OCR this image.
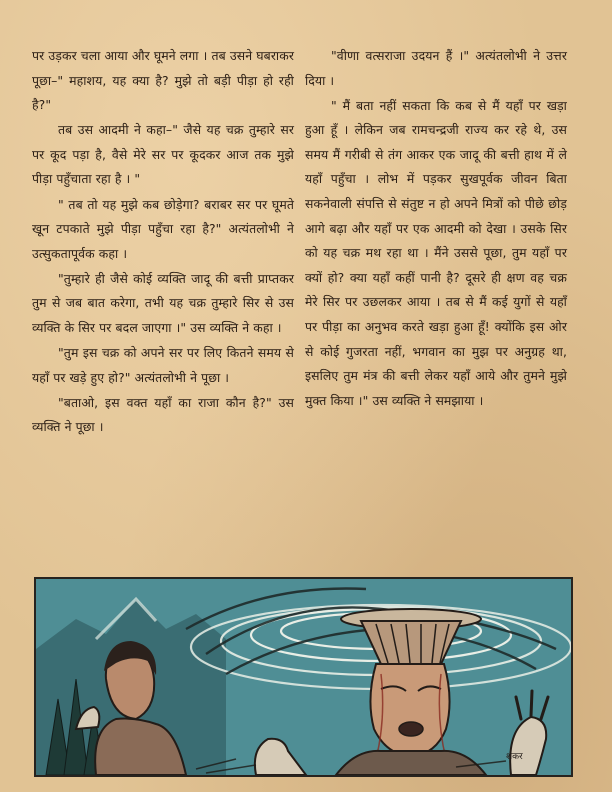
पर उड़कर चला आया और घूमने लगा । तब उसने घबराकर पूछा–" महाशय, यह क्या है? मुझे तो बड़ी पीड़ा हो रही है?"

तब उस आदमी ने कहा–" जैसे यह चक्र तुम्हारे सर पर कूद पड़ा है, वैसे मेरे सर पर कूदकर आज तक मुझे पीड़ा पहुँचाता रहा है । "

" तब तो यह मुझे कब छोड़ेगा? बराबर सर पर घूमते खून टपकाते मुझे पीड़ा पहुँचा रहा है?" अत्यंतलोभी ने उत्सुकतापूर्वक कहा ।

"तुम्हारे ही जैसे कोई व्यक्ति जादू की बत्ती प्राप्तकर तुम से जब बात करेगा, तभी यह चक्र तुम्हारे सिर से उस व्यक्ति के सिर पर बदल जाएगा ।" उस व्यक्ति ने कहा ।

"तुम इस चक्र को अपने सर पर लिए कितने समय से यहाँ पर खड़े हुए हो?" अत्यंतलोभी ने पूछा ।

"बताओ, इस वक्त यहाँ का राजा कौन है?" उस व्यक्ति ने पूछा ।

"वीणा वत्सराजा उदयन हैं ।" अत्यंतलोभी ने उत्तर दिया ।

" मैं बता नहीं सकता कि कब से मैं यहाँ पर खड़ा हुआ हूँ । लेकिन जब रामचन्द्रजी राज्य कर रहे थे, उस समय मैं गरीबी से तंग आकर एक जादू की बत्ती हाथ में ले यहाँ पहुँचा । लोभ में पड़कर सुखपूर्वक जीवन बिता सकनेवाली संपत्ति से संतुष्ट न हो अपने मित्रों को पीछे छोड़ आगे बढ़ा और यहाँ पर एक आदमी को देखा । उसके सिर को यह चक्र मथ रहा था । मैंने उससे पूछा, तुम यहाँ पर क्यों हो? क्या यहाँ कहीं पानी है? दूसरे ही क्षण वह चक्र मेरे सिर पर उछलकर आया । तब से मैं कई युगों से यहाँ पर पीड़ा का अनुभव करते खड़ा हुआ हूँ! क्योंकि इस ओर से कोई गुजरता नहीं, भगवान का मुझ पर अनुग्रह था, इसलिए तुम मंत्र की बत्ती लेकर यहाँ आये और तुमने मुझे मुक्त किया ।" उस व्यक्ति ने समझाया ।

शंकर
